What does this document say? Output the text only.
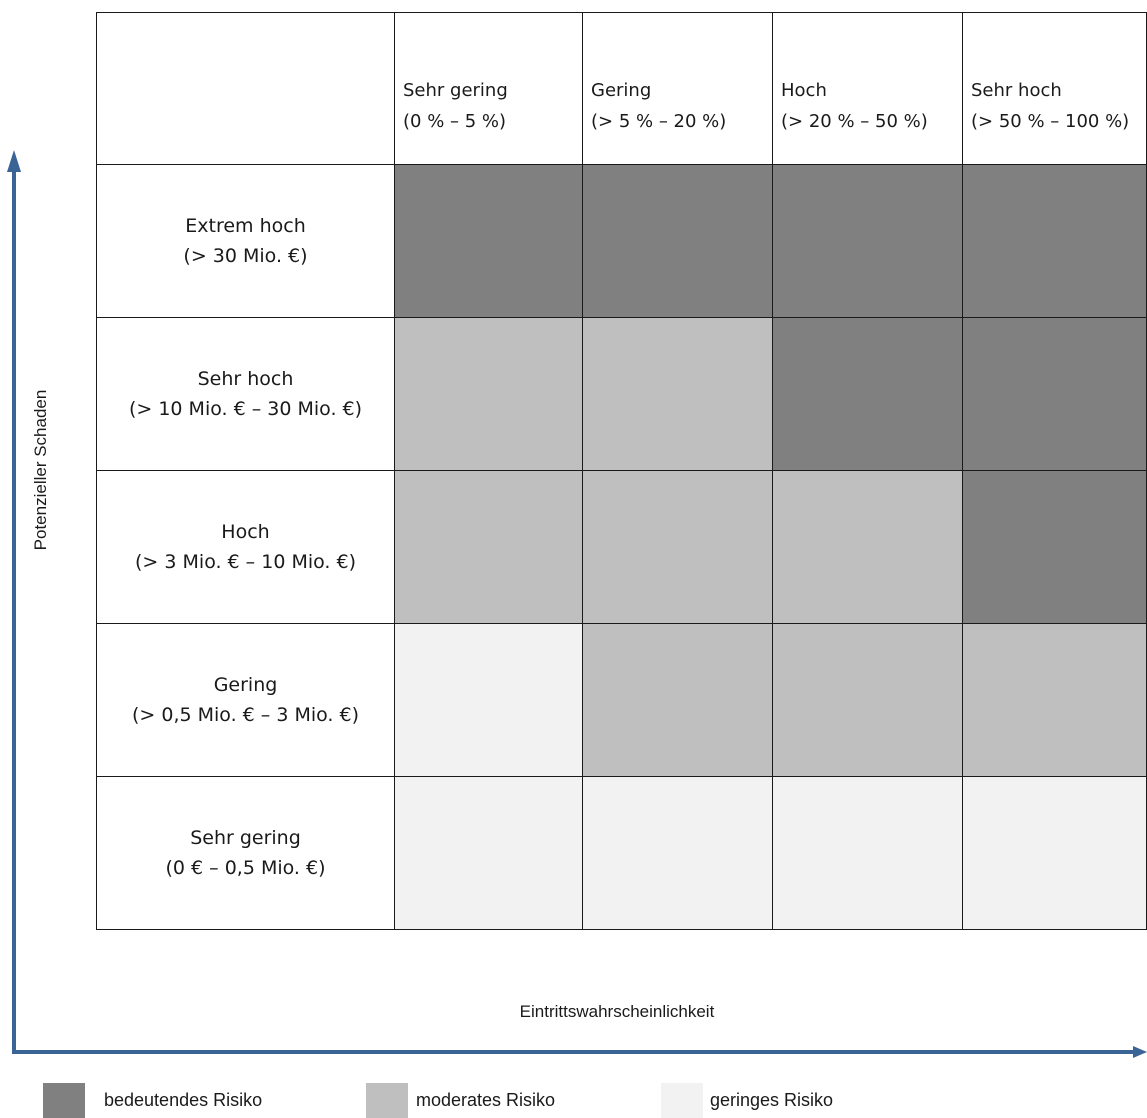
Sehr gering
(0 % – 5 %)
Gering
(> 5 % – 20 %)
Hoch
(> 20 % – 50 %)
Sehr hoch
(> 50 % – 100 %)
Extrem hoch
(> 30 Mio. €)
Sehr hoch
(> 10 Mio. € – 30 Mio. €)
Hoch
(> 3 Mio. € – 10 Mio. €)
Gering
(> 0,5 Mio. € – 3 Mio. €)
Sehr gering
(0 € – 0,5 Mio. €)
Potenzieller Schaden
Eintrittswahrscheinlichkeit
bedeutendes Risiko	moderates Risiko	geringes Risiko
